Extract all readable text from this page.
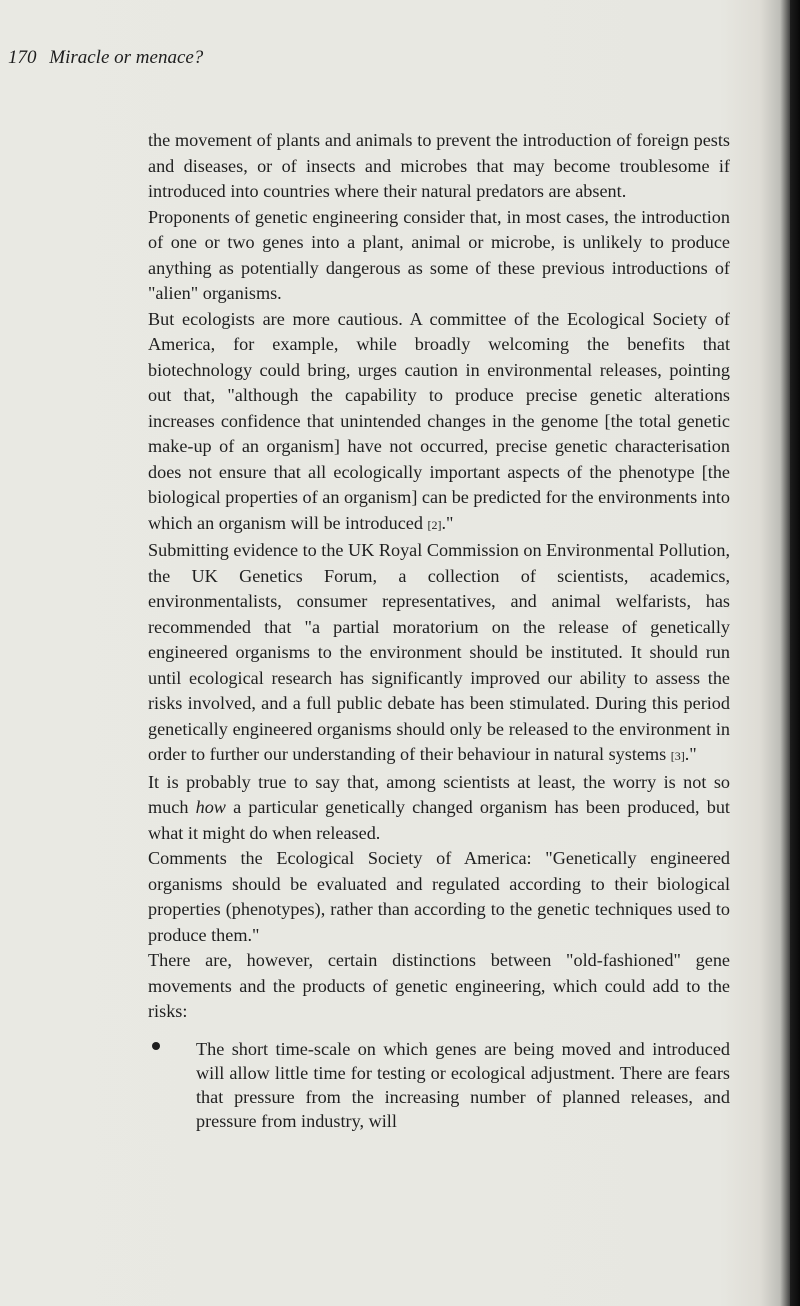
170 Miracle or menace?

the movement of plants and animals to prevent the introduction of foreign pests and diseases, or of insects and microbes that may become troublesome if introduced into countries where their natural predators are absent.

Proponents of genetic engineering consider that, in most cases, the introduction of one or two genes into a plant, animal or microbe, is unlikely to produce anything as potentially dangerous as some of these previous introductions of "alien" organisms.

But ecologists are more cautious. A committee of the Ecological Society of America, for example, while broadly welcoming the benefits that biotechnology could bring, urges caution in environmental releases, pointing out that, "although the capability to produce precise genetic alterations increases confidence that unintended changes in the genome [the total genetic make-up of an organism] have not occurred, precise genetic characterisation does not ensure that all ecologically important aspects of the phenotype [the biological properties of an organism] can be predicted for the environments into which an organism will be introduced [2]."

Submitting evidence to the UK Royal Commission on Environmental Pollution, the UK Genetics Forum, a collection of scientists, academics, environmentalists, consumer representatives, and animal welfarists, has recommended that "a partial moratorium on the release of genetically engineered organisms to the environment should be instituted. It should run until ecological research has significantly improved our ability to assess the risks involved, and a full public debate has been stimulated. During this period genetically engineered organisms should only be released to the environment in order to further our understanding of their behaviour in natural systems [3]."

It is probably true to say that, among scientists at least, the worry is not so much how a particular genetically changed organism has been produced, but what it might do when released.

Comments the Ecological Society of America: "Genetically engineered organisms should be evaluated and regulated according to their biological properties (phenotypes), rather than according to the genetic techniques used to produce them."

There are, however, certain distinctions between "old-fashioned" gene movements and the products of genetic engineering, which could add to the risks:

The short time-scale on which genes are being moved and introduced will allow little time for testing or ecological adjustment. There are fears that pressure from the increasing number of planned releases, and pressure from industry, will
